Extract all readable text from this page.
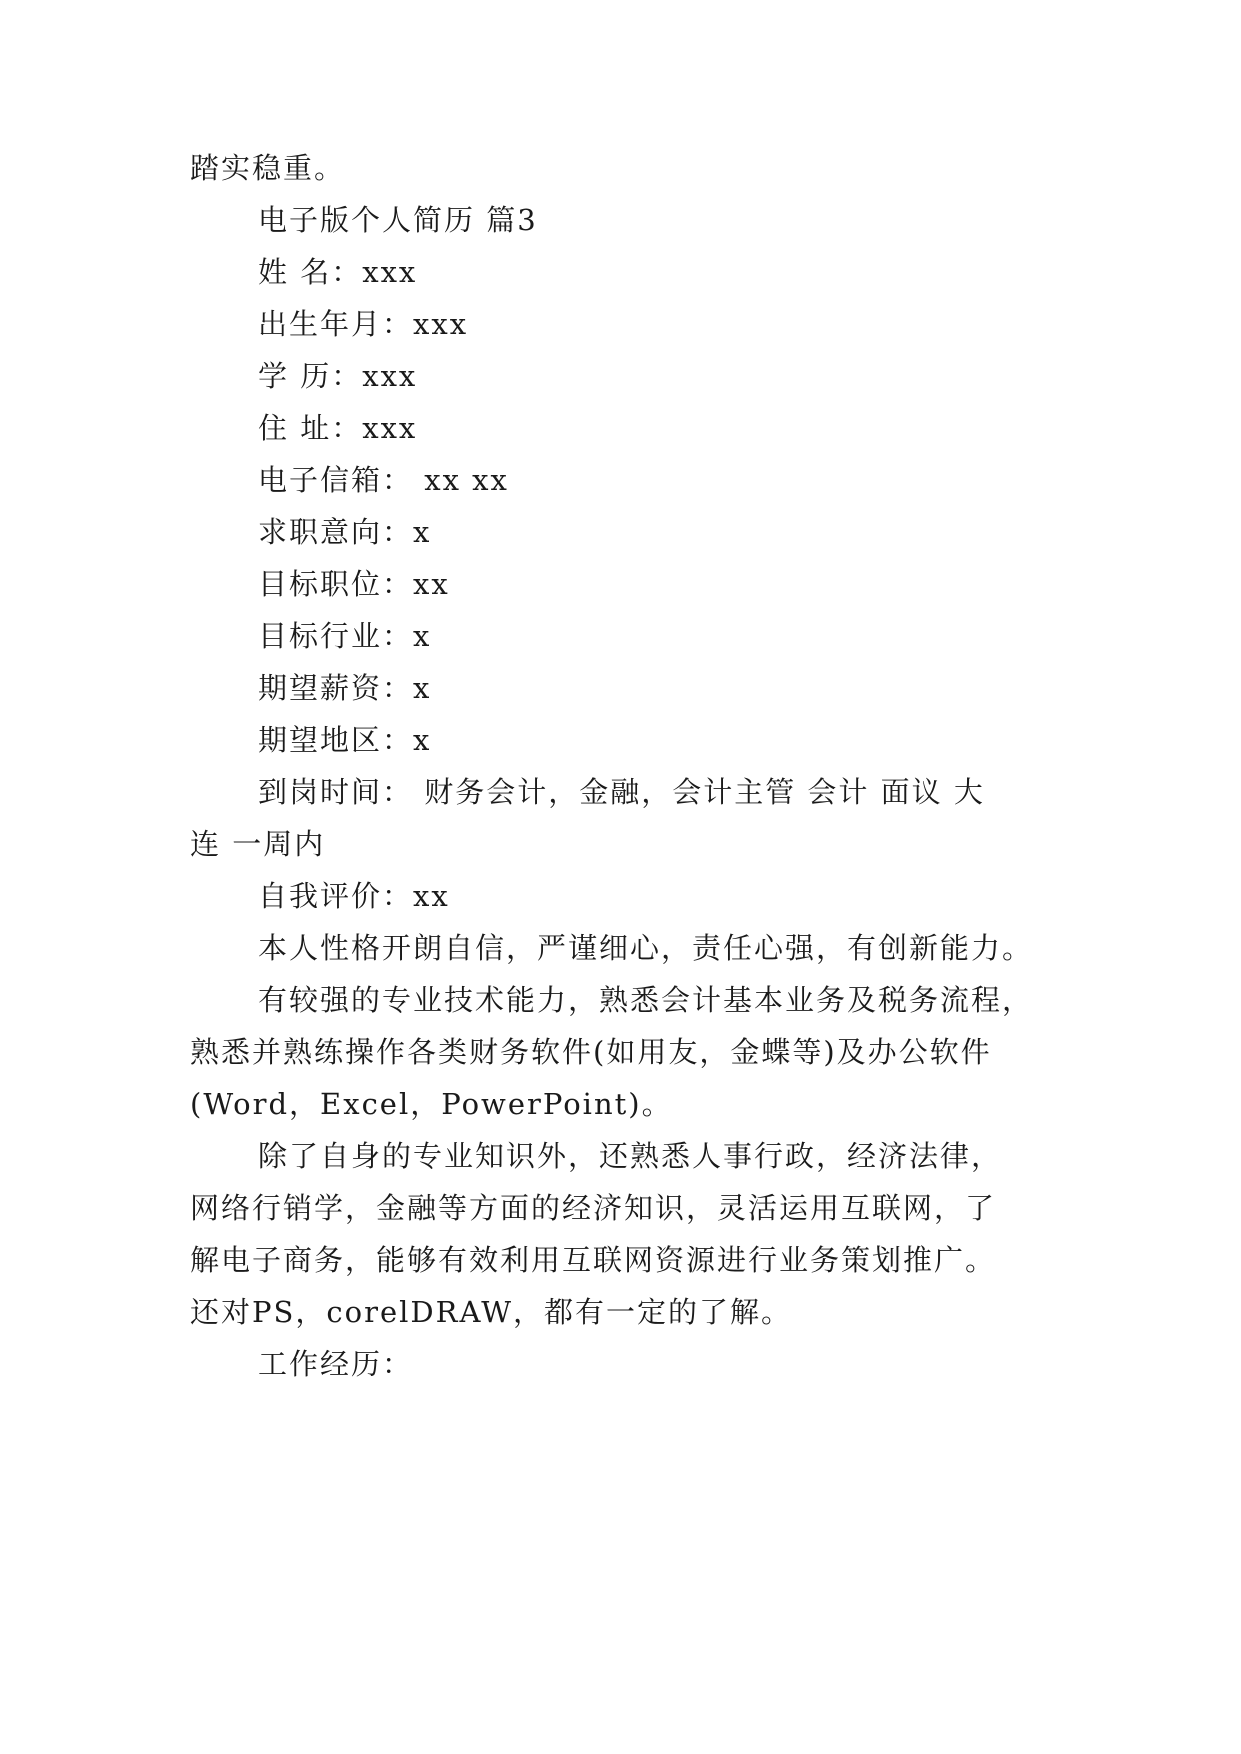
踏实稳重。
电子版个人简历 篇3
姓 名：xxx
出生年月：xxx
学 历：xxx
住 址：xxx
电子信箱： xx xx
求职意向：x
目标职位：xx
目标行业：x
期望薪资：x
期望地区：x
到岗时间： 财务会计，金融，会计主管 会计 面议 大
连 一周内
自我评价：xx
本人性格开朗自信，严谨细心，责任心强，有创新能力。
有较强的专业技术能力，熟悉会计基本业务及税务流程，
熟悉并熟练操作各类财务软件(如用友，金蝶等)及办公软件
(Word，Excel，PowerPoint)。
除了自身的专业知识外，还熟悉人事行政，经济法律，
网络行销学，金融等方面的经济知识，灵活运用互联网，了
解电子商务，能够有效利用互联网资源进行业务策划推广。
还对PS，corelDRAW，都有一定的了解。
工作经历：
